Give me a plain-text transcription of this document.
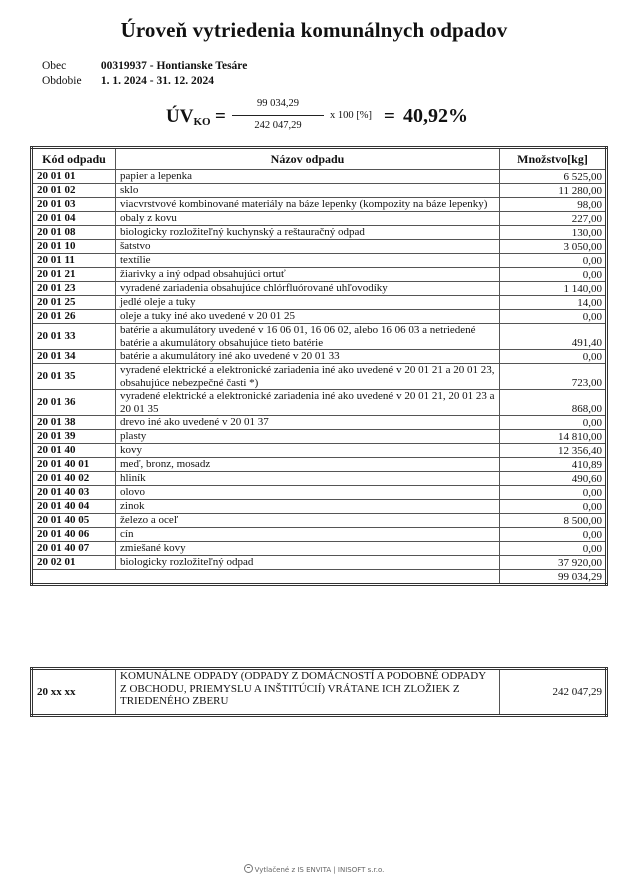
Úroveň vytriedenia komunálnych odpadov
Obec	00319937 - Hontianske Tesáre
Obdobie 1. 1. 2024 - 31. 12. 2024
$ÚV_{KO}$ =
99 034,29
242 047,29
x 100 [%] = 40,92%
Kód odpadu	Názov odpadu	Množstvo[kg]
20 01 01	papier a lepenka	6 525,00
20 01 02	sklo	11 280,00
20 01 03	viacvrstvové kombinované materiály na báze lepenky (kompozity na báze lepenky)	98,00
20 01 04	obaly z kovu	227,00
20 01 08	biologicky rozložiteľný kuchynský a reštauračný odpad	130,00
20 01 10	šatstvo	3 050,00
20 01 11	textílie	0,00
20 01 21	žiarivky a iný odpad obsahujúci ortuť	0,00
20 01 23	vyradené zariadenia obsahujúce chlórfluórované uhľovodíky	1 140,00
20 01 25	jedlé oleje a tuky	14,00
20 01 26	oleje a tuky iné ako uvedené v 20 01 25	0,00
20 01 33	batérie a akumulátory uvedené v 16 06 01, 16 06 02, alebo 16 06 03 a netriedené batérie a akumulátory obsahujúce tieto batérie	491,40
20 01 34	batérie a akumulátory iné ako uvedené v 20 01 33	0,00
20 01 35	vyradené elektrické a elektronické zariadenia iné ako uvedené v 20 01 21 a 20 01 23, obsahujúce nebezpečné časti *)	723,00
20 01 36	vyradené elektrické a elektronické zariadenia iné ako uvedené v 20 01 21, 20 01 23 a 20 01 35	868,00
20 01 38	drevo iné ako uvedené v 20 01 37	0,00
20 01 39	plasty	14 810,00
20 01 40	kovy	12 356,40
20 01 40 01	meď, bronz, mosadz	410,89
20 01 40 02	hliník	490,60
20 01 40 03	olovo	0,00
20 01 40 04	zinok	0,00
20 01 40 05	železo a oceľ	8 500,00
20 01 40 06	cín	0,00
20 01 40 07	zmiešané kovy	0,00
20 02 01	biologicky rozložiteľný odpad	37 920,00
		99 034,29
20 xx xx	KOMUNÁLNE ODPADY (ODPADY Z DOMÁCNOSTÍ A PODOBNÉ ODPADY Z OBCHODU, PRIEMYSLU A INŠTITÚCIÍ) VRÁTANE ICH ZLOŽIEK Z TRIEDENÉHO ZBERU	242 047,29
Vytlačené z IS ENVITA | INISOFT s.r.o.
